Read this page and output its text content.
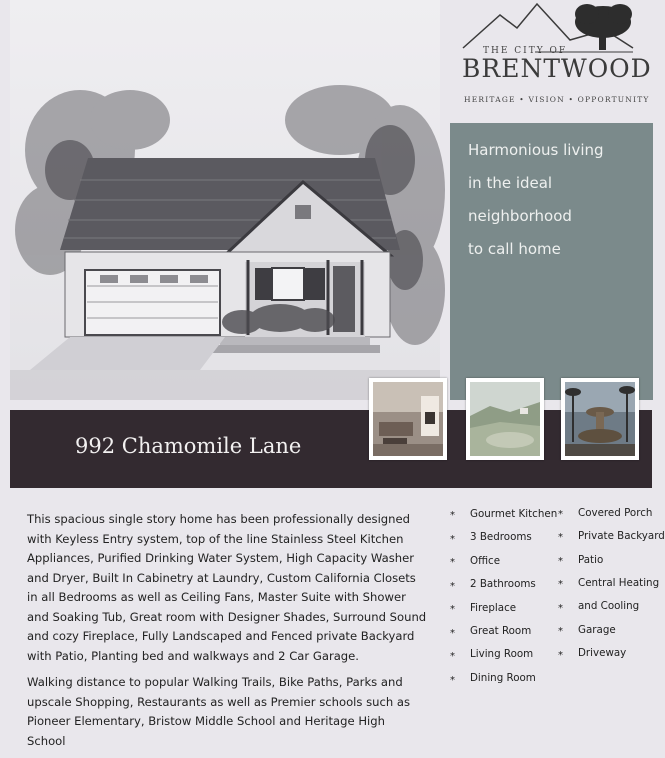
THE CITY OF
BRENTWOOD
HERITAGE • VISION • OPPORTUNITY
Harmonious living
in the ideal
neighborhood
to call home
992 Chamomile Lane

This spacious single story home has been professionally designed with Keyless Entry system, top of the line Stainless Steel Kitchen Appliances, Purified Drinking Water System, High Capacity Washer and Dryer, Built In Cabinetry at Laundry, Custom California Closets in all Bedrooms as well as Ceiling Fans, Master Suite with Shower and Soaking Tub, Great room with Designer Shades, Surround Sound and cozy Fireplace, Fully Landscaped and Fenced private Backyard with Patio, Planting bed and walkways and 2 Car Garage.

Walking distance to popular Walking Trails, Bike Paths, Parks and upscale Shopping, Restaurants as well as Premier schools such as Pioneer Elementary, Bristow Middle School and Heritage High School

* Gourmet Kitchen
* 3 Bedrooms
* Office
* 2 Bathrooms
* Fireplace
* Great Room
* Living Room
* Dining Room
* Covered Porch
* Private Backyard
* Patio
* Central Heating
* and Cooling
* Garage
* Driveway
